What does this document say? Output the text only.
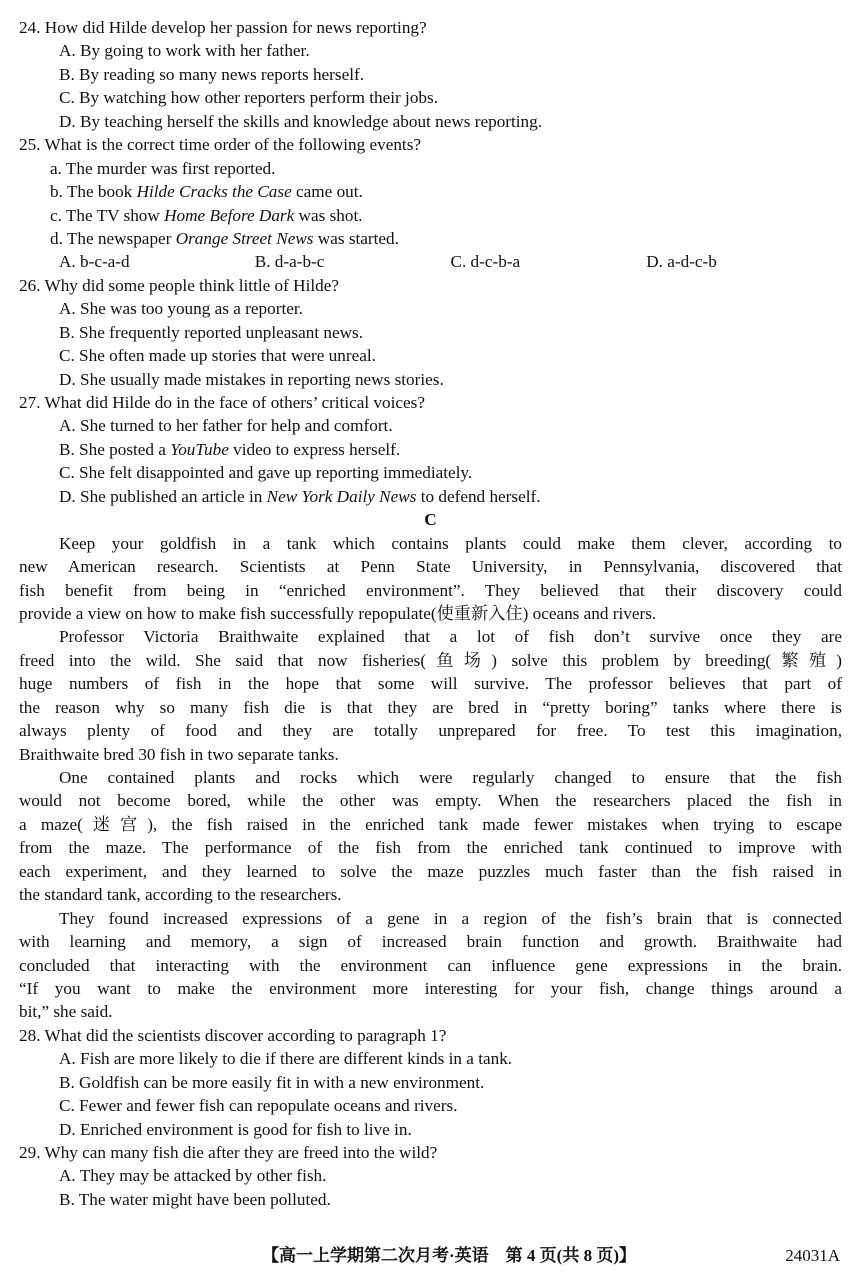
24. How did Hilde develop her passion for news reporting?
A. By going to work with her father.
B. By reading so many news reports herself.
C. By watching how other reporters perform their jobs.
D. By teaching herself the skills and knowledge about news reporting.
25. What is the correct time order of the following events?
a. The murder was first reported.
b. The book Hilde Cracks the Case came out.
c. The TV show Home Before Dark was shot.
d. The newspaper Orange Street News was started.
A. b-c-a-d	B. d-a-b-c	C. d-c-b-a	D. a-d-c-b
26. Why did some people think little of Hilde?
A. She was too young as a reporter.
B. She frequently reported unpleasant news.
C. She often made up stories that were unreal.
D. She usually made mistakes in reporting news stories.
27. What did Hilde do in the face of others’ critical voices?
A. She turned to her father for help and comfort.
B. She posted a YouTube video to express herself.
C. She felt disappointed and gave up reporting immediately.
D. She published an article in New York Daily News to defend herself.
C
Keep your goldfish in a tank which contains plants could make them clever, according to
new American research. Scientists at Penn State University, in Pennsylvania, discovered that
fish benefit from being in “enriched environment”. They believed that their discovery could
provide a view on how to make fish successfully repopulate(使重新入住) oceans and rivers.
Professor Victoria Braithwaite explained that a lot of fish don’t survive once they are
freed into the wild. She said that now fisheries(鱼场) solve this problem by breeding(繁殖)
huge numbers of fish in the hope that some will survive. The professor believes that part of
the reason why so many fish die is that they are bred in “pretty boring” tanks where there is
always plenty of food and they are totally unprepared for free. To test this imagination,
Braithwaite bred 30 fish in two separate tanks.
One contained plants and rocks which were regularly changed to ensure that the fish
would not become bored, while the other was empty. When the researchers placed the fish in
a maze(迷宫), the fish raised in the enriched tank made fewer mistakes when trying to escape
from the maze. The performance of the fish from the enriched tank continued to improve with
each experiment, and they learned to solve the maze puzzles much faster than the fish raised in
the standard tank, according to the researchers.
They found increased expressions of a gene in a region of the fish’s brain that is connected
with learning and memory, a sign of increased brain function and growth. Braithwaite had
concluded that interacting with the environment can influence gene expressions in the brain.
“If you want to make the environment more interesting for your fish, change things around a
bit,” she said.
28. What did the scientists discover according to paragraph 1?
A. Fish are more likely to die if there are different kinds in a tank.
B. Goldfish can be more easily fit in with a new environment.
C. Fewer and fewer fish can repopulate oceans and rivers.
D. Enriched environment is good for fish to live in.
29. Why can many fish die after they are freed into the wild?
A. They may be attacked by other fish.
B. The water might have been polluted.
【高一上学期第二次月考·英语　第 4 页(共 8 页)】	24031A
